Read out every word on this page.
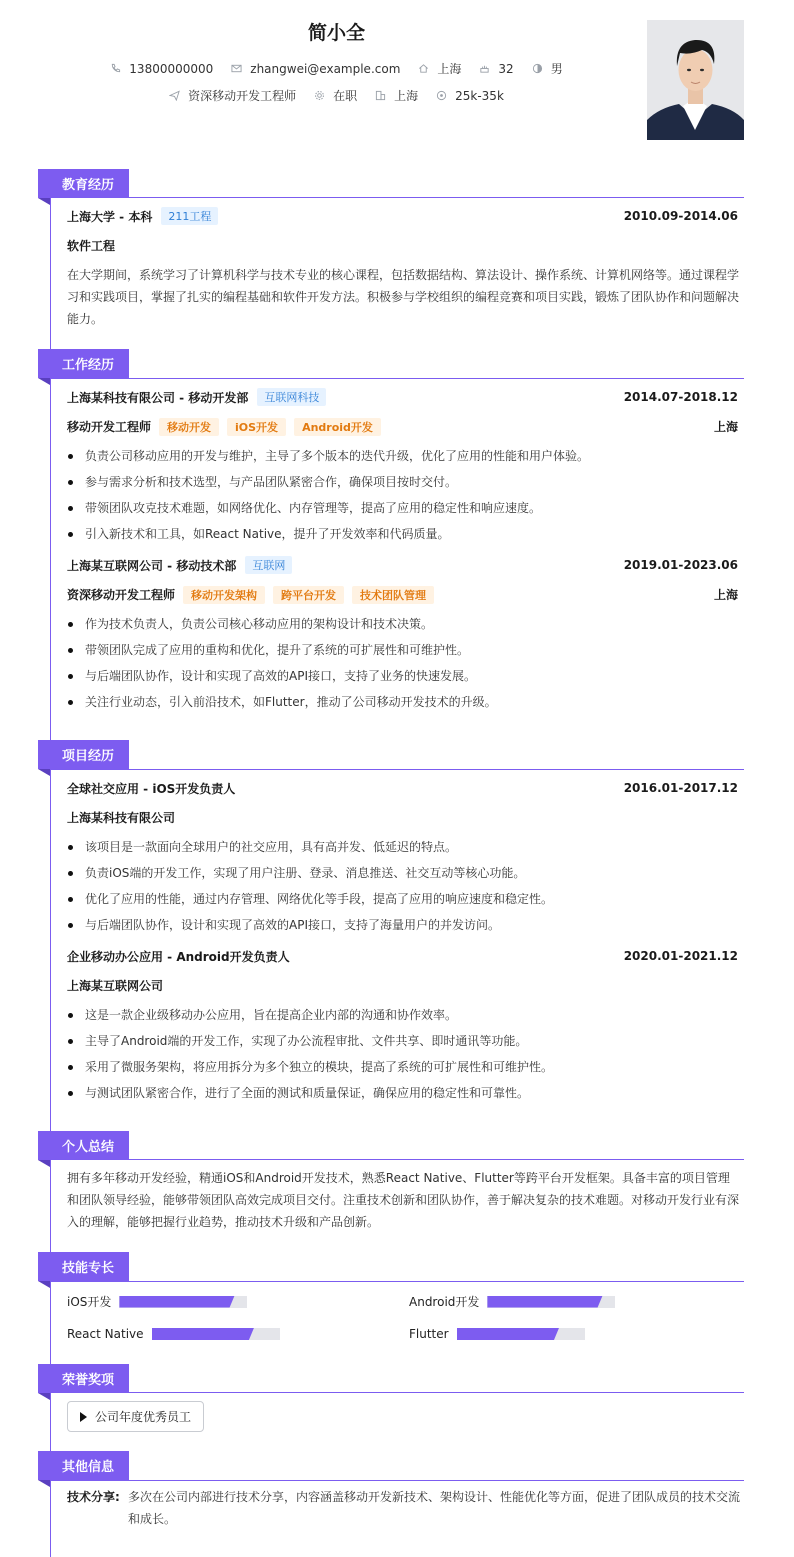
简小全
13800000000	zhangwei@example.com	上海	32	男
资深移动开发工程师	在职	上海	25k-35k
教育经历
上海大学 - 本科	211工程	2010.09-2014.06
软件工程
在大学期间，系统学习了计算机科学与技术专业的核心课程，包括数据结构、算法设计、操作系统、计算机网络等。通过课程学习和实践项目，掌握了扎实的编程基础和软件开发方法。积极参与学校组织的编程竞赛和项目实践，锻炼了团队协作和问题解决能力。
工作经历
上海某科技有限公司 - 移动开发部	互联网科技	2014.07-2018.12
移动开发工程师	移动开发	iOS开发	Android开发	上海
负责公司移动应用的开发与维护，主导了多个版本的迭代升级，优化了应用的性能和用户体验。
参与需求分析和技术选型，与产品团队紧密合作，确保项目按时交付。
带领团队攻克技术难题，如网络优化、内存管理等，提高了应用的稳定性和响应速度。
引入新技术和工具，如React Native，提升了开发效率和代码质量。
上海某互联网公司 - 移动技术部	互联网	2019.01-2023.06
资深移动开发工程师	移动开发架构	跨平台开发	技术团队管理	上海
作为技术负责人，负责公司核心移动应用的架构设计和技术决策。
带领团队完成了应用的重构和优化，提升了系统的可扩展性和可维护性。
与后端团队协作，设计和实现了高效的API接口，支持了业务的快速发展。
关注行业动态，引入前沿技术，如Flutter，推动了公司移动开发技术的升级。
项目经历
全球社交应用 - iOS开发负责人	2016.01-2017.12
上海某科技有限公司
该项目是一款面向全球用户的社交应用，具有高并发、低延迟的特点。
负责iOS端的开发工作，实现了用户注册、登录、消息推送、社交互动等核心功能。
优化了应用的性能，通过内存管理、网络优化等手段，提高了应用的响应速度和稳定性。
与后端团队协作，设计和实现了高效的API接口，支持了海量用户的并发访问。
企业移动办公应用 - Android开发负责人	2020.01-2021.12
上海某互联网公司
这是一款企业级移动办公应用，旨在提高企业内部的沟通和协作效率。
主导了Android端的开发工作，实现了办公流程审批、文件共享、即时通讯等功能。
采用了微服务架构，将应用拆分为多个独立的模块，提高了系统的可扩展性和可维护性。
与测试团队紧密合作，进行了全面的测试和质量保证，确保应用的稳定性和可靠性。
个人总结
拥有多年移动开发经验，精通iOS和Android开发技术，熟悉React Native、Flutter等跨平台开发框架。具备丰富的项目管理和团队领导经验，能够带领团队高效完成项目交付。注重技术创新和团队协作，善于解决复杂的技术难题。对移动开发行业有深入的理解，能够把握行业趋势，推动技术升级和产品创新。
技能专长
iOS开发	Android开发
React Native	Flutter
荣誉奖项
公司年度优秀员工
其他信息
技术分享: 多次在公司内部进行技术分享，内容涵盖移动开发新技术、架构设计、性能优化等方面，促进了团队成员的技术交流和成长。
